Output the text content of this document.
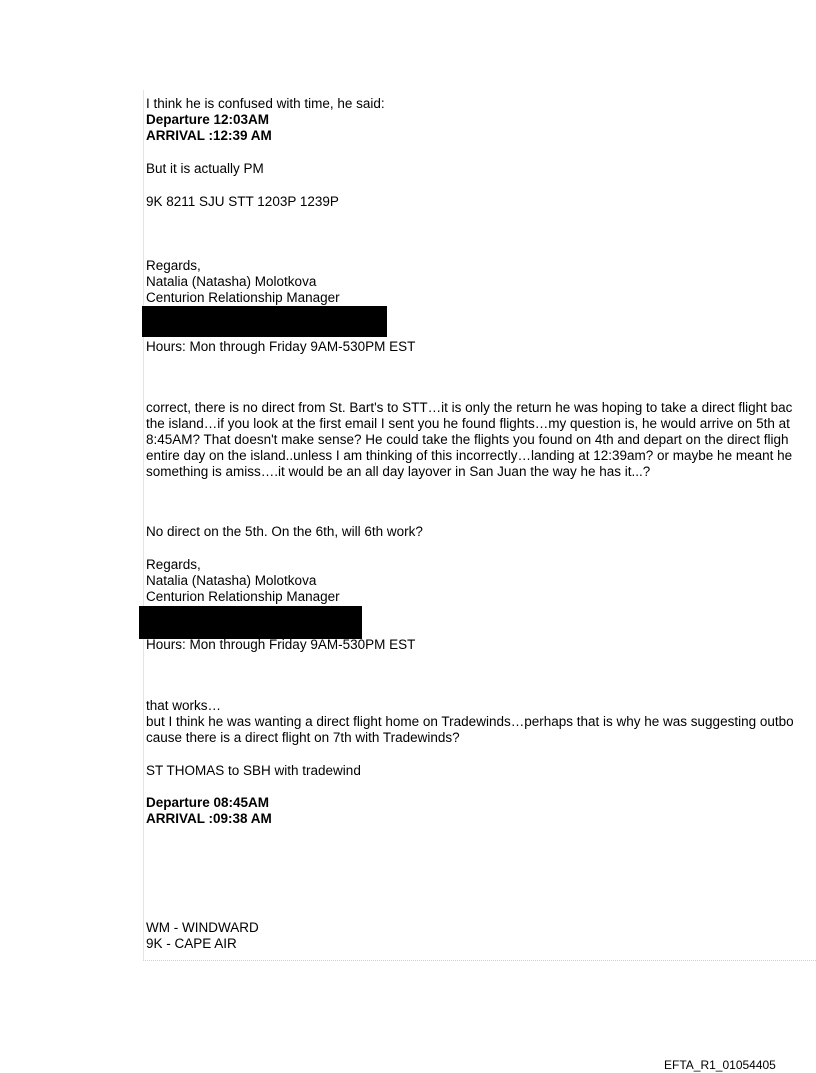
I think he is confused with time, he said:
Departure 12:03AM
ARRIVAL :12:39 AM
But it is actually PM
9K 8211 SJU STT 1203P 1239P
Regards,
Natalia (Natasha) Molotkova
Centurion Relationship Manager
Hours: Mon through Friday 9AM-530PM EST
correct, there is no direct from St. Bart's to STT…it is only the return he was hoping to take a direct flight bac
the island…if you look at the first email I sent you he found flights…my question is, he would arrive on 5th at
8:45AM? That doesn't make sense? He could take the flights you found on 4th and depart on the direct fligh
entire day on the island..unless I am thinking of this incorrectly…landing at 12:39am? or maybe he meant he
something is amiss….it would be an all day layover in San Juan the way he has it...?
No direct on the 5th. On the 6th, will 6th work?
Regards,
Natalia (Natasha) Molotkova
Centurion Relationship Manager
Hours: Mon through Friday 9AM-530PM EST
that works…
but I think he was wanting a direct flight home on Tradewinds…perhaps that is why he was suggesting outbo
cause there is a direct flight on 7th with Tradewinds?
ST THOMAS to SBH with tradewind
Departure 08:45AM
ARRIVAL :09:38 AM
WM - WINDWARD
9K - CAPE AIR
EFTA_R1_01054405
